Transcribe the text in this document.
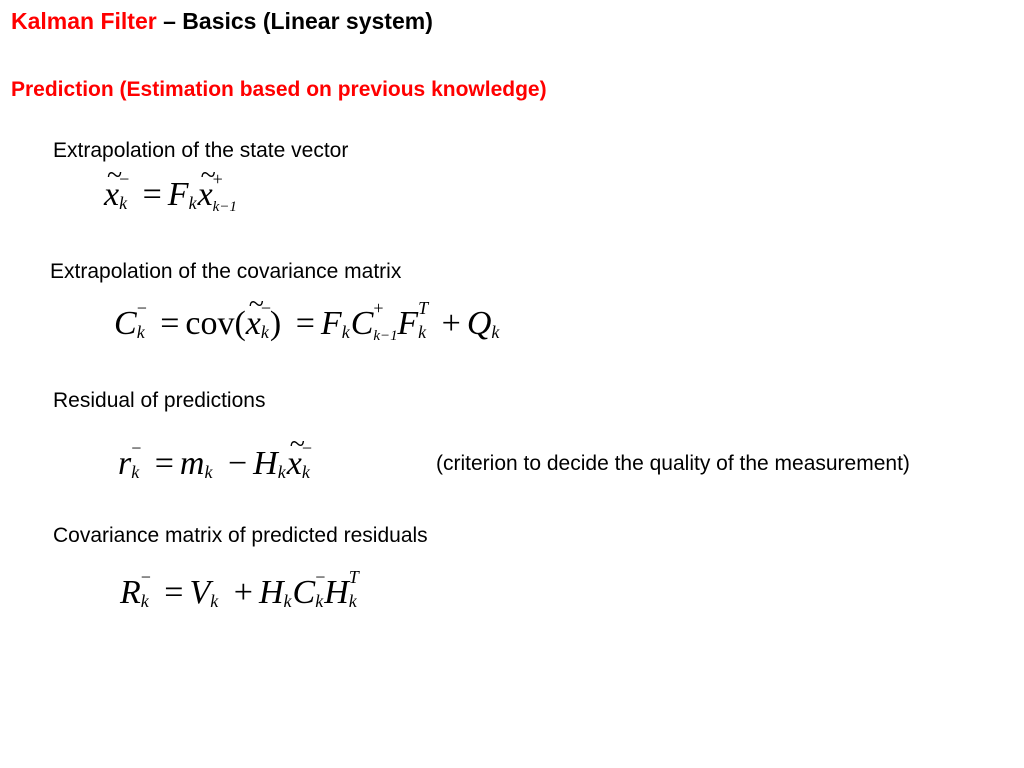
Kalman Filter – Basics (Linear system)
Prediction (Estimation based on previous knowledge)
Extrapolation of the state vector
~ x −
k = F k ~ x +
k−1
Extrapolation of the covariance matrix
C −
k = cov(~ x −
k ) = F k C +
k−1 F T
k + Q k
Residual of predictions
r −
k = m k − H k ~ x −
k	(criterion to decide the quality of the measurement)
Covariance matrix of predicted residuals
R −
k = V k + H k C −
k H T
k
